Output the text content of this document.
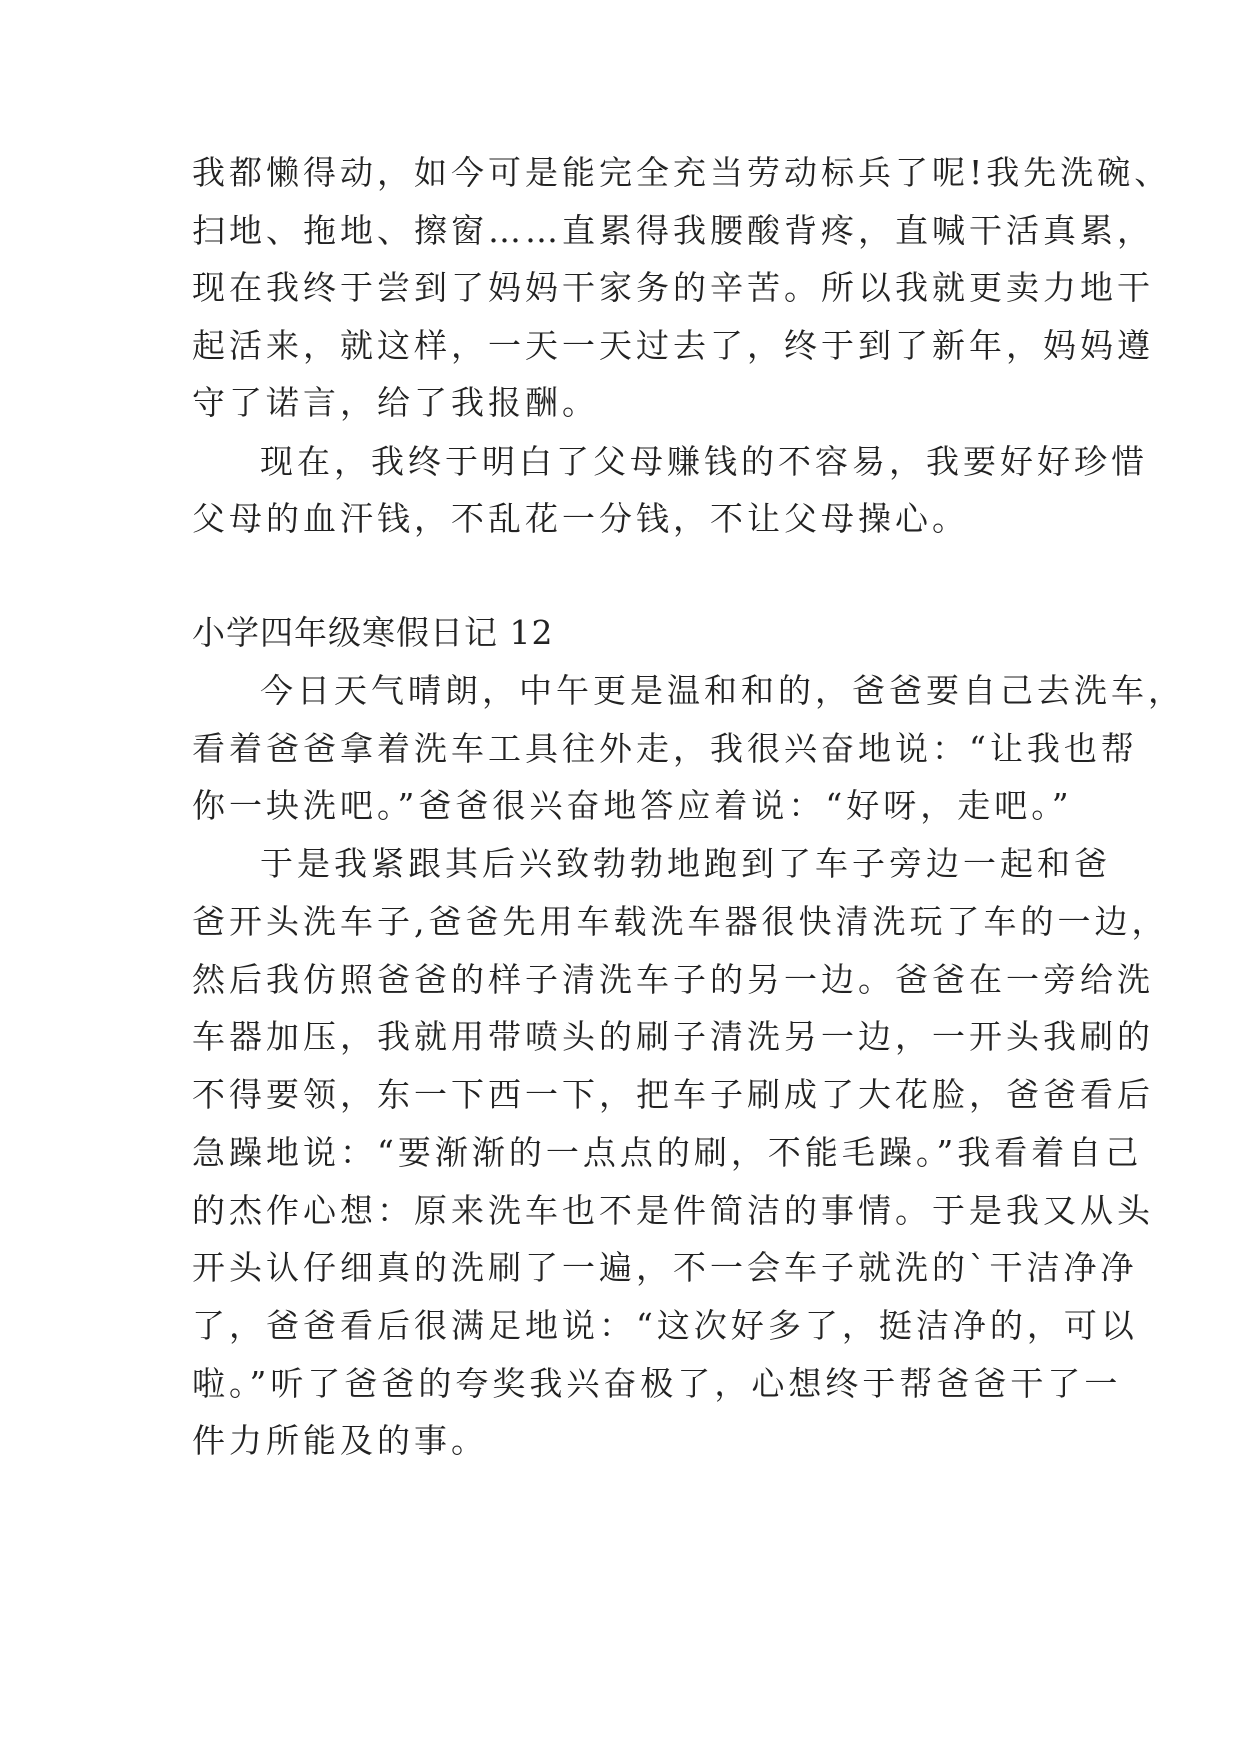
我都懒得动，如今可是能完全充当劳动标兵了呢!我先洗碗、

扫地、拖地、擦窗……直累得我腰酸背疼，直喊干活真累，

现在我终于尝到了妈妈干家务的辛苦。所以我就更卖力地干

起活来，就这样，一天一天过去了，终于到了新年，妈妈遵

守了诺言，给了我报酬。

现在，我终于明白了父母赚钱的不容易，我要好好珍惜

父母的血汗钱，不乱花一分钱，不让父母操心。

小学四年级寒假日记 12

今日天气晴朗，中午更是温和和的，爸爸要自己去洗车，

看着爸爸拿着洗车工具往外走，我很兴奋地说：“让我也帮

你一块洗吧。”爸爸很兴奋地答应着说：“好呀，走吧。”

于是我紧跟其后兴致勃勃地跑到了车子旁边一起和爸

爸开头洗车子,爸爸先用车载洗车器很快清洗玩了车的一边，

然后我仿照爸爸的样子清洗车子的另一边。爸爸在一旁给洗

车器加压，我就用带喷头的刷子清洗另一边，一开头我刷的

不得要领，东一下西一下，把车子刷成了大花脸，爸爸看后

急躁地说：“要渐渐的一点点的刷，不能毛躁。”我看着自己

的杰作心想：原来洗车也不是件简洁的事情。于是我又从头

开头认仔细真的洗刷了一遍，不一会车子就洗的`干洁净净

了，爸爸看后很满足地说：“这次好多了，挺洁净的，可以

啦。”听了爸爸的夸奖我兴奋极了，心想终于帮爸爸干了一

件力所能及的事。
